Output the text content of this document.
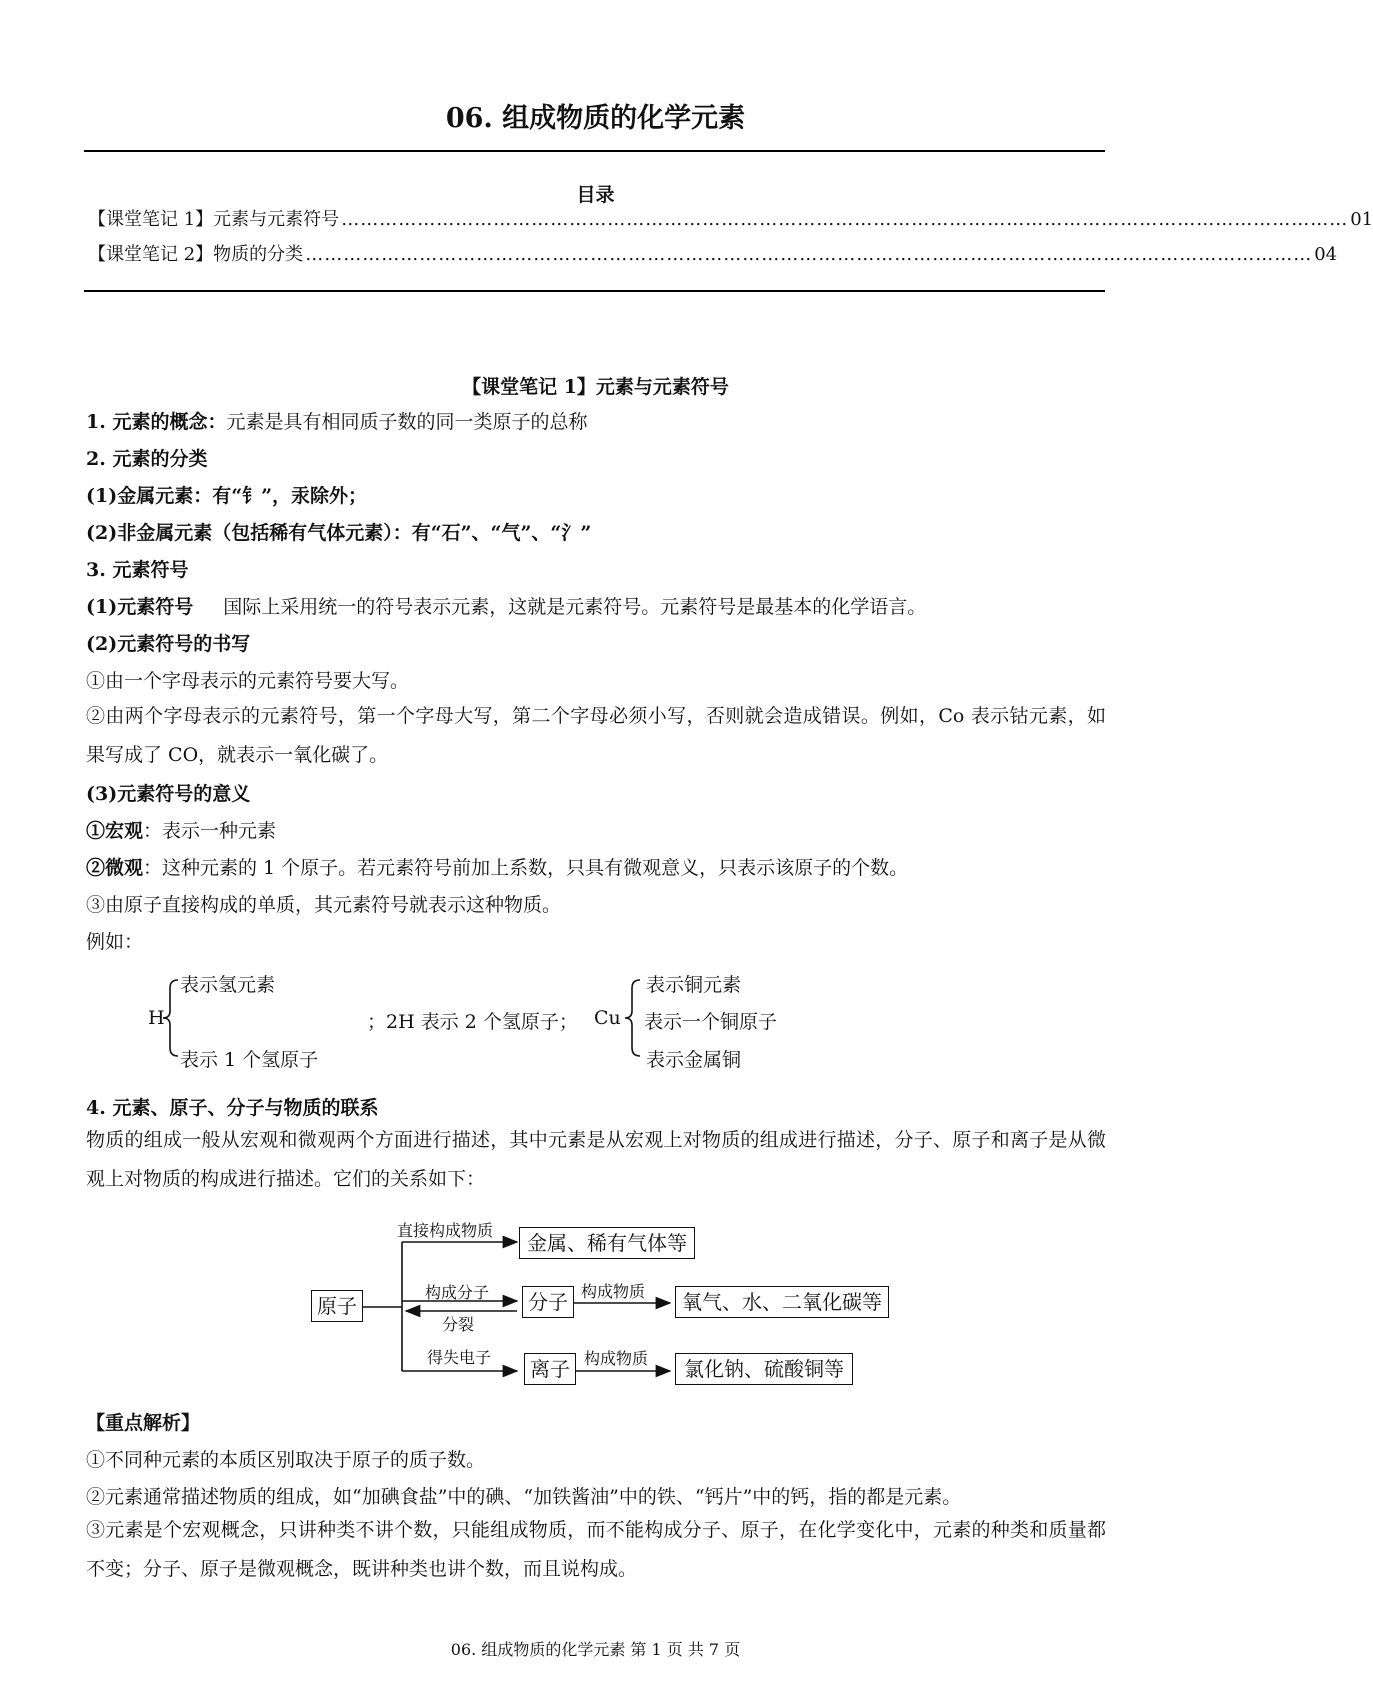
06. 组成物质的化学元素
目录
【课堂笔记 1】元素与元素符号 …………………………………………………………………………………………………………………………………………… 01
【课堂笔记 2】物质的分类 …………………………………………………………………………………………………………………………………………… 04
【课堂笔记 1】元素与元素符号
1. 元素的概念：元素是具有相同质子数的同一类原子的总称
2. 元素的分类
(1)金属元素：有“钅”，汞除外；
(2)非金属元素（包括稀有气体元素）：有“石”、“气”、“氵”
3. 元素符号
(1)元素符号 国际上采用统一的符号表示元素，这就是元素符号。元素符号是最基本的化学语言。
(2)元素符号的书写
①由一个字母表示的元素符号要大写。
②由两个字母表示的元素符号，第一个字母大写，第二个字母必须小写，否则就会造成错误。例如，Co 表示钴元素，如果写成了 CO，就表示一氧化碳了。
(3)元素符号的意义
①宏观：表示一种元素
②微观：这种元素的 1 个原子。若元素符号前加上系数，只具有微观意义，只表示该原子的个数。
③由原子直接构成的单质，其元素符号就表示这种物质。
例如：
H
表示氢元素
表示 1 个氢原子
；2H 表示 2 个氢原子； Cu
表示铜元素
表示一个铜原子
表示金属铜
4. 元素、原子、分子与物质的联系
物质的组成一般从宏观和微观两个方面进行描述，其中元素是从宏观上对物质的组成进行描述，分子、原子和离子是从微观上对物质的构成进行描述。它们的关系如下：
原子
直接构成物质
金属、稀有气体等
构成分子
分裂
分子 构成物质	氧气、水、二氧化碳等
得失电子	离子 构成物质	氯化钠、硫酸铜等
【重点解析】
①不同种元素的本质区别取决于原子的质子数。
②元素通常描述物质的组成，如“加碘食盐”中的碘、“加铁酱油”中的铁、“钙片”中的钙，指的都是元素。
③元素是个宏观概念，只讲种类不讲个数，只能组成物质，而不能构成分子、原子，在化学变化中，元素的种类和质量都不变；分子、原子是微观概念，既讲种类也讲个数，而且说构成。
06. 组成物质的化学元素 第 1 页 共 7 页
